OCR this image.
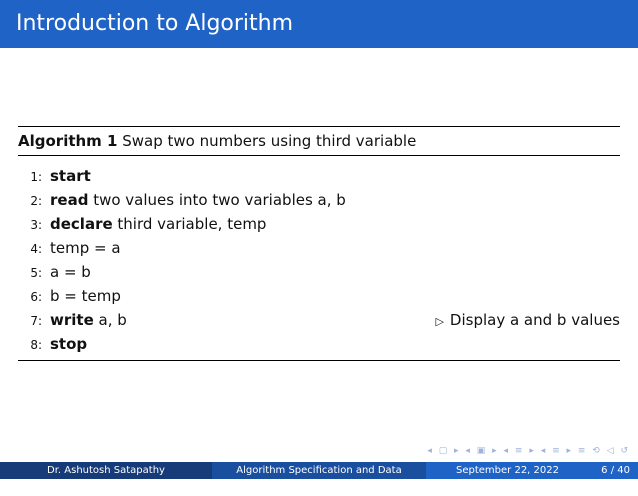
Introduction to Algorithm
Algorithm 1 Swap two numbers using third variable
1: start
2: read two values into two variables a, b
3: declare third variable, temp
4: temp = a
5: a = b
6: b = temp
7: write a, b	▷ Display a and b values
8: stop
◂ ▢ ▸ ◂ ▣ ▸ ◂ ≡ ▸ ◂ ≡ ▸ ≡ ⟲ ◁ ↺
Dr. Ashutosh Satapathy	Algorithm Specification and Data Abstraction
September 22, 2022	6 / 40
